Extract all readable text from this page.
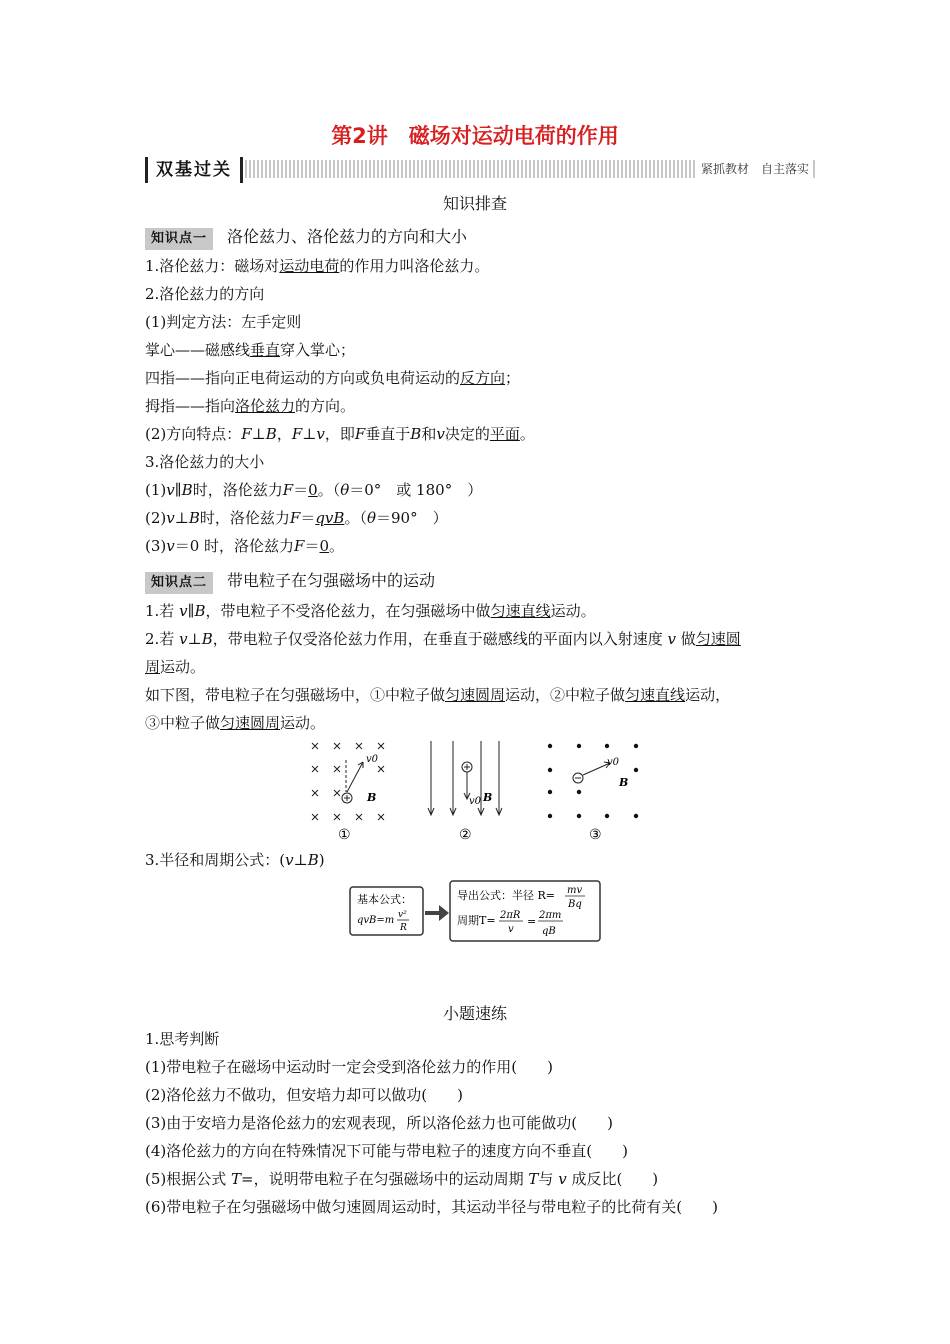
第2讲　磁场对运动电荷的作用
双基过关	紧抓教材　自主落实
知识排查
知识点一 洛伦兹力、洛伦兹力的方向和大小
1.洛伦兹力：磁场对运动电荷的作用力叫洛伦兹力。
2.洛伦兹力的方向
(1)判定方法：左手定则
掌心——磁感线垂直穿入掌心；
四指——指向正电荷运动的方向或负电荷运动的反方向；
拇指——指向洛伦兹力的方向。
(2)方向特点：F⊥B，F⊥v，即F垂直于B和v决定的平面。
3.洛伦兹力的大小
(1)v∥B时，洛伦兹力F＝0。（θ＝0°　或 180°　）
(2)v⊥B时，洛伦兹力F＝qvB。（θ＝90°　）
(3)v＝0 时，洛伦兹力F＝0。
知识点二 带电粒子在匀强磁场中的运动
1.若 v∥B，带电粒子不受洛伦兹力，在匀强磁场中做匀速直线运动。
2.若 v⊥B，带电粒子仅受洛伦兹力作用，在垂直于磁感线的平面内以入射速度 v 做匀速圆
周运动。
如下图，带电粒子在匀强磁场中，①中粒子做匀速圆周运动，②中粒子做匀速直线运动，
③中粒子做匀速圆周运动。
v0
B
①
v0 B
②
v0
B
③
3.半径和周期公式：(v⊥B)
基本公式：
qvB=m v²
R
导出公式：半径 R= mv
Bq
周期T= 2πR
v
= 2πm
qB
小题速练
1.思考判断
(1)带电粒子在磁场中运动时一定会受到洛伦兹力的作用(　　)
(2)洛伦兹力不做功，但安培力却可以做功(　　)
(3)由于安培力是洛伦兹力的宏观表现，所以洛伦兹力也可能做功(　　)
(4)洛伦兹力的方向在特殊情况下可能与带电粒子的速度方向不垂直(　　)
(5)根据公式 T=，说明带电粒子在匀强磁场中的运动周期 T与 v 成反比(　　)
(6)带电粒子在匀强磁场中做匀速圆周运动时，其运动半径与带电粒子的比荷有关(　　)
